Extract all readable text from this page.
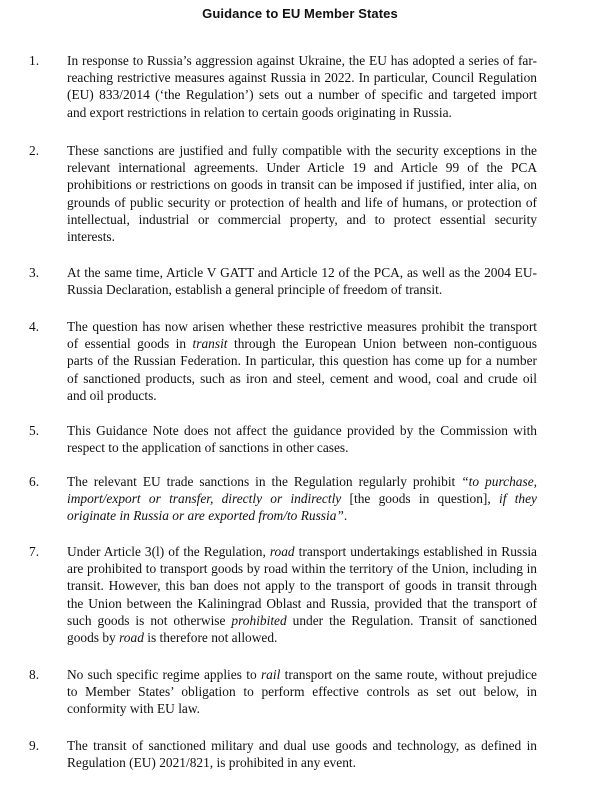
Guidance to EU Member States
1. In response to Russia’s aggression against Ukraine, the EU has adopted a series of far-
reaching restrictive measures against Russia in 2022. In particular, Council Regulation
(EU) 833/2014 (‘the Regulation’) sets out a number of specific and targeted import
and export restrictions in relation to certain goods originating in Russia.
2. These sanctions are justified and fully compatible with the security exceptions in the
relevant international agreements. Under Article 19 and Article 99 of the PCA
prohibitions or restrictions on goods in transit can be imposed if justified, inter alia, on
grounds of public security or protection of health and life of humans, or protection of
intellectual, industrial or commercial property, and to protect essential security
interests.
3. At the same time, Article V GATT and Article 12 of the PCA, as well as the 2004 EU-
Russia Declaration, establish a general principle of freedom of transit.
4. The question has now arisen whether these restrictive measures prohibit the transport
of essential goods in transit through the European Union between non-contiguous
parts of the Russian Federation. In particular, this question has come up for a number
of sanctioned products, such as iron and steel, cement and wood, coal and crude oil
and oil products.
5. This Guidance Note does not affect the guidance provided by the Commission with
respect to the application of sanctions in other cases.
6. The relevant EU trade sanctions in the Regulation regularly prohibit “to purchase,
import/export or transfer, directly or indirectly [the goods in question], if they
originate in Russia or are exported from/to Russia”.
7. Under Article 3(l) of the Regulation, road transport undertakings established in Russia
are prohibited to transport goods by road within the territory of the Union, including in
transit. However, this ban does not apply to the transport of goods in transit through
the Union between the Kaliningrad Oblast and Russia, provided that the transport of
such goods is not otherwise prohibited under the Regulation. Transit of sanctioned
goods by road is therefore not allowed.
8. No such specific regime applies to rail transport on the same route, without prejudice
to Member States’ obligation to perform effective controls as set out below, in
conformity with EU law.
9. The transit of sanctioned military and dual use goods and technology, as defined in
Regulation (EU) 2021/821, is prohibited in any event.
